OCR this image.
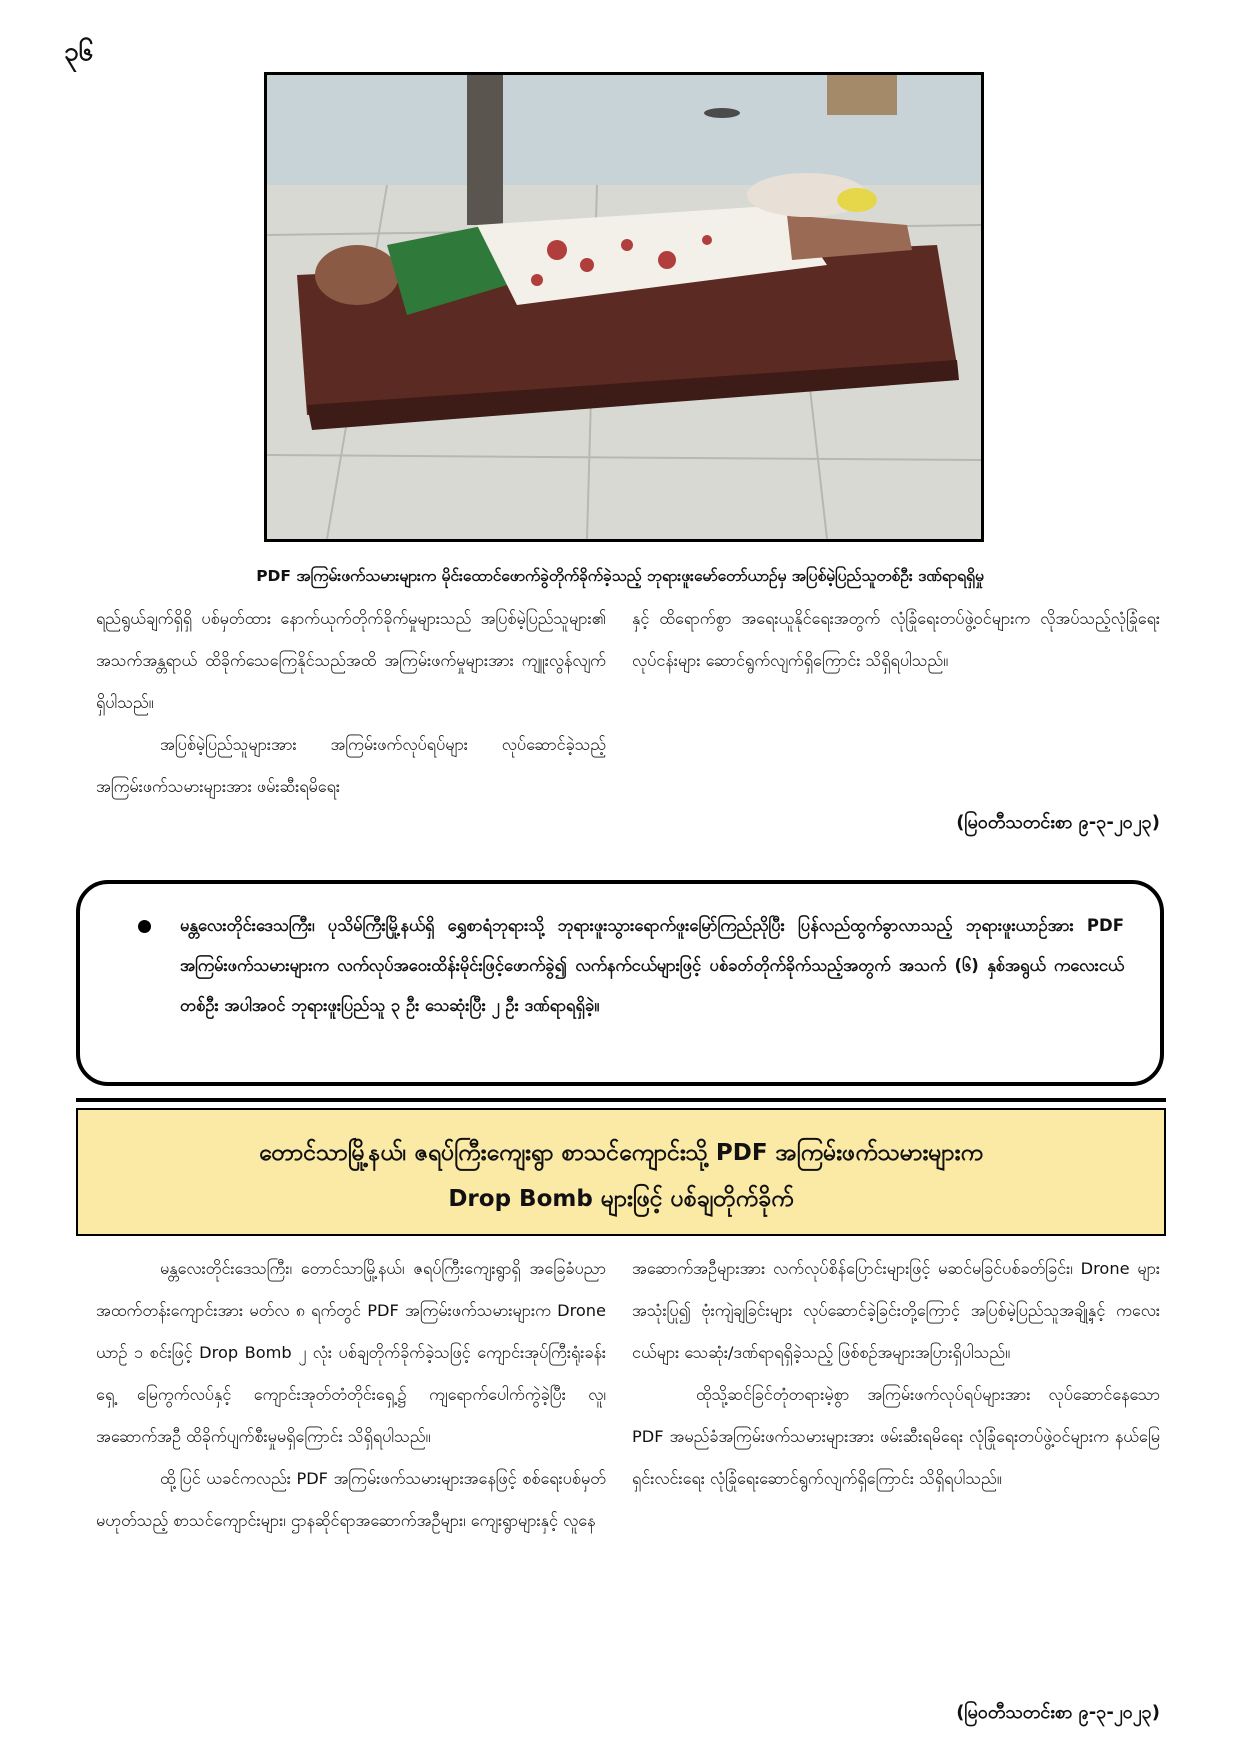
၃၆
PDF အကြမ်းဖက်သမားများက မိုင်းထောင်ဖောက်ခွဲတိုက်ခိုက်ခဲ့သည့် ဘုရားဖူးမော်တော်ယာဉ်မှ အပြစ်မဲ့ပြည်သူတစ်ဦး ဒဏ်ရာရရှိမှု

ရည်ရွယ်ချက်ရှိရှိ ပစ်မှတ်ထား နောက်ယုက်တိုက်ခိုက်မှုများသည် အပြစ်မဲ့ပြည်သူများ၏ အသက်အန္တရာယ် ထိခိုက်သေကြေနိုင်သည်အထိ အကြမ်းဖက်မှုများအား ကျူးလွန်လျက်ရှိပါသည်။

အပြစ်မဲ့ပြည်သူများအား အကြမ်းဖက်လုပ်ရပ်များ လုပ်ဆောင်ခဲ့သည့် အကြမ်းဖက်သမားများအား ဖမ်းဆီးရမိရေး

နှင့် ထိရောက်စွာ အရေးယူနိုင်ရေးအတွက် လုံခြုံရေးတပ်ဖွဲ့ဝင်များက လိုအပ်သည့်လုံခြုံရေးလုပ်ငန်းများ ဆောင်ရွက်လျက်ရှိကြောင်း သိရှိရပါသည်။

(မြဝတီသတင်းစာ ၉-၃-၂၀၂၃)
မန္တလေးတိုင်းဒေသကြီး၊ ပုသိမ်ကြီးမြို့နယ်ရှိ ရွှေစာရံဘုရားသို့ ဘုရားဖူးသွားရောက်ဖူးမြော်ကြည်ညိုပြီး ပြန်လည်ထွက်ခွာလာသည့် ဘုရားဖူးယာဉ်အား PDF အကြမ်းဖက်သမားများက လက်လုပ်အဝေးထိန်းမိုင်းဖြင့်ဖောက်ခွဲ၍ လက်နက်ငယ်များဖြင့် ပစ်ခတ်တိုက်ခိုက်သည့်အတွက် အသက် (၆) နှစ်အရွယ် ကလေးငယ်တစ်ဦး အပါအဝင် ဘုရားဖူးပြည်သူ ၃ ဦး သေဆုံးပြီး ၂ ဦး ဒဏ်ရာရရှိခဲ့။
တောင်သာမြို့နယ်၊ ဇရပ်ကြီးကျေးရွာ စာသင်ကျောင်းသို့ PDF အကြမ်းဖက်သမားများက
Drop Bomb များဖြင့် ပစ်ချတိုက်ခိုက်

မန္တလေးတိုင်းဒေသကြီး၊ တောင်သာမြို့နယ်၊ ဇရပ်ကြီးကျေးရွာရှိ အခြေခံပညာအထက်တန်းကျောင်းအား မတ်လ ၈ ရက်တွင် PDF အကြမ်းဖက်သမားများက Drone ယာဉ် ၁ စင်းဖြင့် Drop Bomb ၂ လုံး ပစ်ချတိုက်ခိုက်ခဲ့သဖြင့် ကျောင်းအုပ်ကြီးရုံးခန်းရှေ့ မြေကွက်လပ်နှင့် ကျောင်းအုတ်တံတိုင်းရှေ့၌ ကျရောက်ပေါက်ကွဲခဲ့ပြီး လူ၊ အဆောက်အဦ ထိခိုက်ပျက်စီးမှုမရှိကြောင်း သိရှိရပါသည်။

ထို့ပြင် ယခင်ကလည်း PDF အကြမ်းဖက်သမားများအနေဖြင့် စစ်ရေးပစ်မှတ်မဟုတ်သည့် စာသင်ကျောင်းများ၊ ဌာနဆိုင်ရာအဆောက်အဦများ၊ ကျေးရွာများနှင့် လူနေ

အဆောက်အဦများအား လက်လုပ်စိန်ပြောင်းများဖြင့် မဆင်မခြင်ပစ်ခတ်ခြင်း၊ Drone များ အသုံးပြု၍ ဗုံးကျဲချခြင်းများ လုပ်ဆောင်ခဲ့ခြင်းတို့ကြောင့် အပြစ်မဲ့ပြည်သူအချို့နှင့် ကလေးငယ်များ သေဆုံး/ဒဏ်ရာရရှိခဲ့သည့် ဖြစ်စဉ်အများအပြားရှိပါသည်။

ထိုသို့ဆင်ခြင်တုံတရားမဲ့စွာ အကြမ်းဖက်လုပ်ရပ်များအား လုပ်ဆောင်နေသော PDF အမည်ခံအကြမ်းဖက်သမားများအား ဖမ်းဆီးရမိရေး လုံခြုံရေးတပ်ဖွဲ့ဝင်များက နယ်မြေရှင်းလင်းရေး လုံခြုံရေးဆောင်ရွက်လျက်ရှိကြောင်း သိရှိရပါသည်။

(မြဝတီသတင်းစာ ၉-၃-၂၀၂၃)
